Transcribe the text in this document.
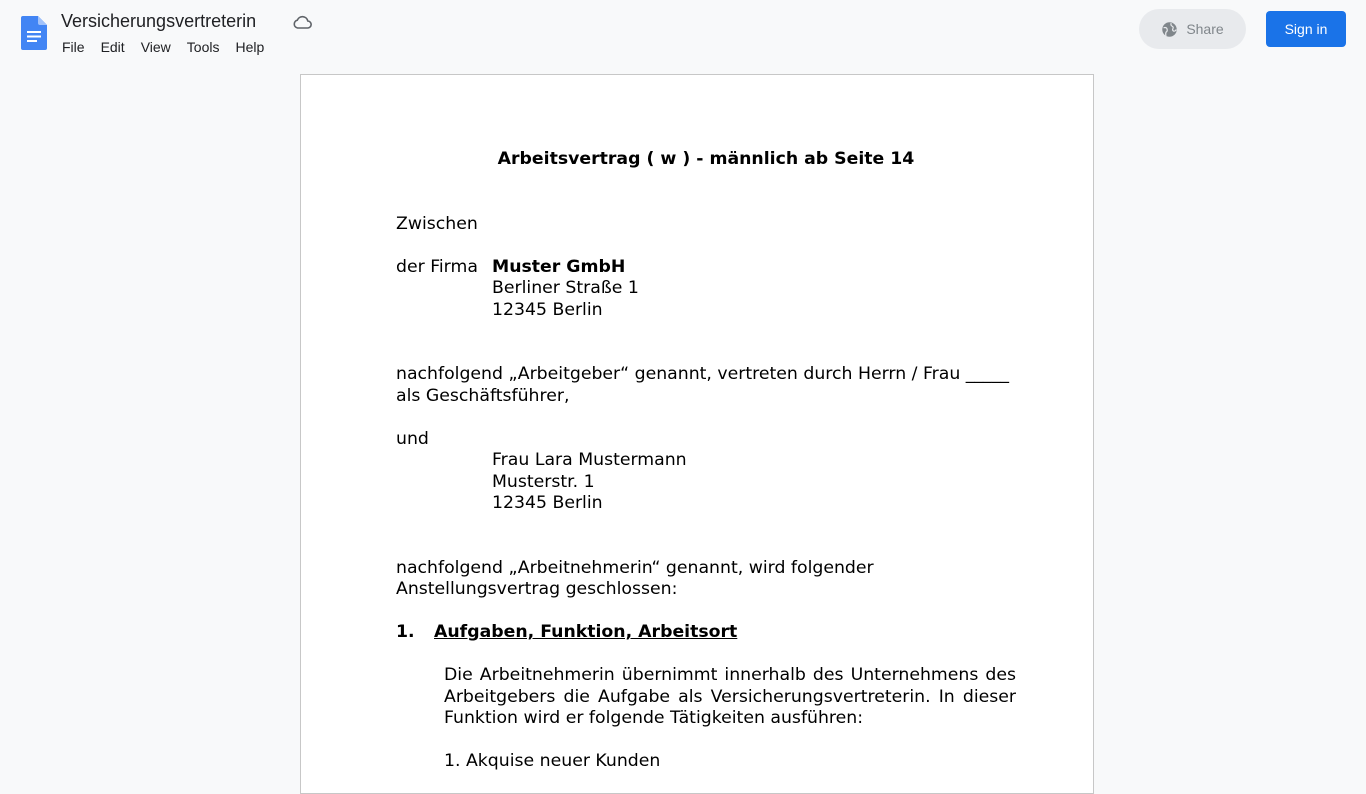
Versicherungsvertreterin
File	Edit	View	Tools	Help
Share	Sign in
Arbeitsvertrag ( w ) - männlich ab Seite 14

Zwischen

der Firma Muster GmbH

Berliner Straße 1

12345 Berlin

nachfolgend „Arbeitgeber“ genannt, vertreten durch Herrn / Frau _____

als Geschäftsführer,

und

Frau Lara Mustermann

Musterstr. 1

12345 Berlin

nachfolgend „Arbeitnehmerin“ genannt, wird folgender

Anstellungsvertrag geschlossen:

1.	Aufgaben, Funktion, Arbeitsort

Die Arbeitnehmerin übernimmt innerhalb des Unternehmens des Arbeitgebers die Aufgabe als Versicherungsvertreterin. In dieser Funktion wird er folgende Tätigkeiten ausführen:

1. Akquise neuer Kunden
